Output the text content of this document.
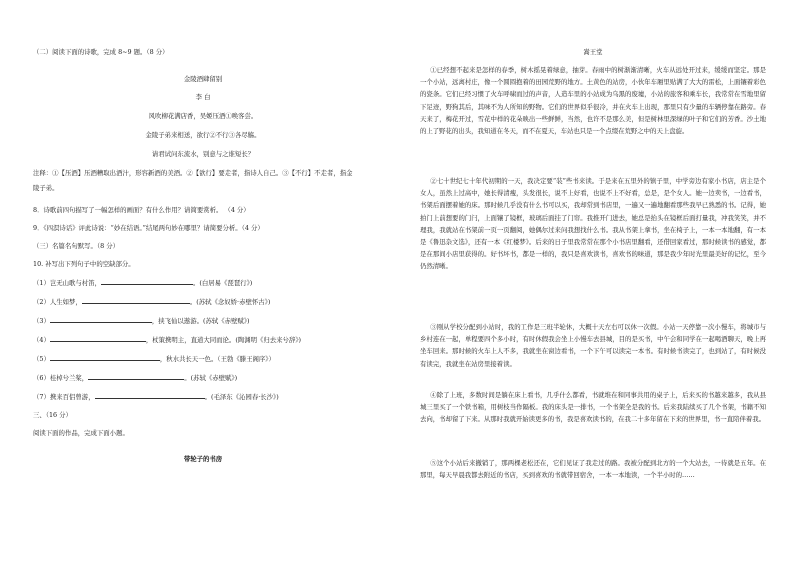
（二）阅读下面的诗歌，完成 8~9 题。（8 分）

金陵酒肆留别

李 白

风吹柳花满店香，吴姬压酒①唤客尝。

金陵子弟来相送，欲行②不行③各尽觞。

请君试问东流水，别意与之谁短长？

注释：①【压酒】压酒糟取出酒汁，形容新酒的美酒。②【欲行】要走者，指诗人自己。③【不行】不走者，指金

陵子弟。

8．诗歌前四句描写了一幅怎样的画面？有什么作用？请简要赏析。 （4 分）

9．《四溟诗话》评此诗说：“妙在结语。”结尾两句妙在哪里？请简要分析。（4 分）

（三）名篇名句默写。（8 分）

10. 补写出下列句子中的空缺部分。

（1）岂无山歌与村笛，	。(白居易《琵琶行》)

（2）人生如梦，	。(苏轼《念奴娇·赤壁怀古》)

（3）	，挟飞仙以遨游。(苏轼《赤壁赋》)

（4）	，杖策携明主，直道大同而论。(陶渊明《归去来兮辞》)

（5）	，秋水共长天一色。（王勃《滕王阁序》）

（6）桂棹兮兰桨，	。(苏轼《赤壁赋》)

（7）携来百侣曾游，	。(毛泽东《沁园春·长沙》)

三、（16 分）

阅读下面的作品，完成下面小题。

带轮子的书房

嵩王堂

①已经想不起来是怎样的春季，树木摇晃着绿意，抽芽。春雨中的树渐渐清晰，火车从远处开过来，缓缓而坚定。那是一个小站，远离村庄，像一个圆圆抱着的田园荒野的地方。土黄色的站房，小伙年车厢里贴满了大大的雷松，上面镶着彩色的瓷条。它们已经习惯了火车呼啸而过的声音，人造车里的小站成为乌黑的废墟，小站的旅客和乘车长，我常常在雪地里留下足迹，野狗其后，其味不为人所知的野物。它们的世界似乎很冷，并在火车上出现，那里只有少量的车辆停靠在路旁。春天来了，梅花开过，雪花中样的花朵映出一些鲜鲜，当然，也许不是那么美，但是树林里深绿的叶子和它们的芳香。沙土地的上了野花的出头，我知道在冬天，而不在夏天，车站也只是一个点缀在荒野之中的天上盘旋。

②七十世纪七十年代初期的一天，我决定要“装”些书来读。于是来在五里外的镇子里，中学旁边有家小书店，店主是个女人，虽然上过高中，她长得清瘦，头发很长，说不上好看，也说不上不好看，总是，是个女人。她一边卖书，一边看书，书架后面摆着她的床。那时候几乎没有什么书可以买，我却常到书店里，一遍又一遍地翻看那些我早已熟悉的书。记得，她拍门上前想要的门闩，上面镶了镜框，玻璃后面挂了门帘。我推开门进去，她总是抬头在镜框后面打量我，冲我笑笑，并不理我，我就站在书架前一页一页翻阅，她偶尔过来问我想找什么书。我从书架上拿书，坐在椅子上，一本一本地翻，有一本是《鲁迅杂文选》，还有一本《红楼梦》。后来的日子里我常常在那个小书店里翻看，还借回家看过，那时候读书的感觉，都是在那间小店里获得的。好书坏书，都是一样的，我只是喜欢读书，喜欢书的味道，那是我少年时光里最美好的记忆，至今仍然清晰。

③刚从学校分配到小站时，我的工作是三班半轮休，大概十天左右可以休一次假。小站一天停靠一次小慢车，将城市与乡村连在一起，单程要四个多小时，有时休假我会坐上小慢车去县城，目的是买书，中午会和同学在一起喝酒聊天，晚上再坐车回来。那时候的火车上人不多，我就坐在窗边看书，一个下午可以读完一本书。有时候书读完了，也到站了，有时候没有读完，我就坐在站房里接着读。

④除了上班，多数时间是躺在床上看书，几乎什么都看，书就堆在和同事共用的桌子上，后来买的书越来越多，我从县城三里买了一个铁书箱，用树枝当作隔板。我的床头是一排书，一个书架全是我的书。后来我陆续买了几个书架，书籍不知去向，书却留了下来。从那时我就开始读更多的书，我是喜欢读书的，在我二十多年留在下来的世界里，书一直陪伴着我。

⑤这个小站后来撤销了，那两棵老松还在，它们见证了我走过的路。我被分配到北方的一个大站去，一待就是五年。在那里，每天早晨我都去附近的书店，买到喜欢的书就带回宿舍，一本一本地读，一个半小时的……
